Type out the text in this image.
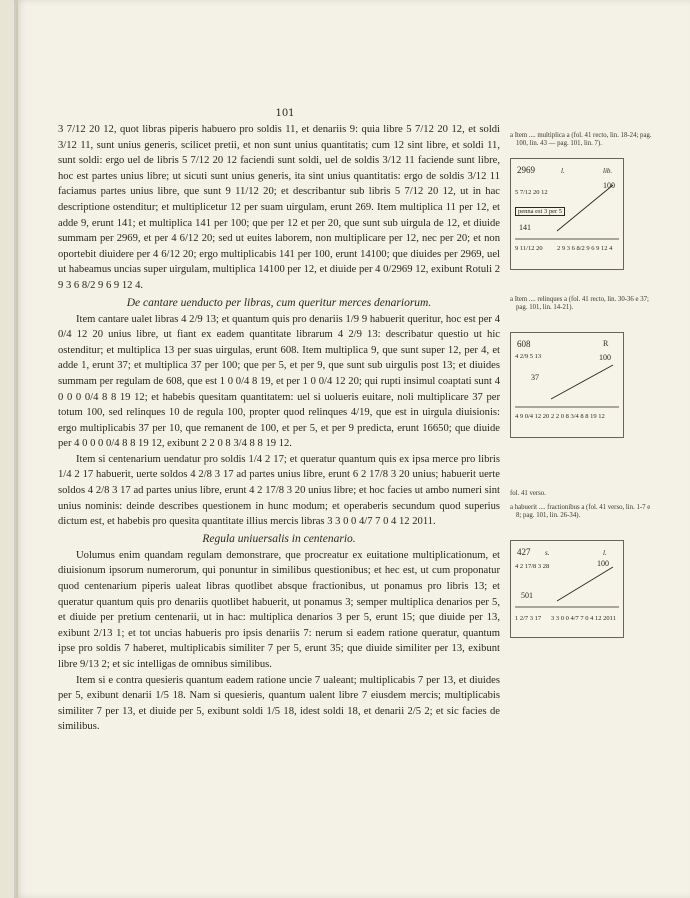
101

3 7/12 20 12, quot libras piperis habuero pro soldis 11, et denariis 9: quia libre 5 7/12 20 12, et soldi 3/12 11, sunt unius generis, scilicet pretii, et non sunt unius quantitatis; cum 12 sint libre, et soldi 11, sunt soldi: ergo uel de libris 5 7/12 20 12 faciendi sunt soldi, uel de soldis 3/12 11 faciende sunt libre, hoc est partes unius libre; ut sicuti sunt unius generis, ita sint unius quantitatis: ergo de soldis 3/12 11 faciamus partes unius libre, que sunt 9 11/12 20; et describantur sub libris 5 7/12 20 12, ut in hac descriptione ostenditur; et multiplicetur 12 per suam uirgulam, erunt 269. Item multiplica 11 per 12, et adde 9, erunt 141; et multiplica 141 per 100; que per 12 et per 20, que sunt sub uirgula de 12, et diuide summam per 2969, et per 4 6/12 20; sed ut euites laborem, non multiplicare per 12, nec per 20; et non oportebit diuidere per 4 6/12 20; ergo multiplicabis 141 per 100, erunt 14100; que diuides per 2969, uel ut habeamus uncias super uirgulam, multiplica 14100 per 12, et diuide per 4 0/2969 12, exibunt Rotuli 2 9 3 6 8/2 9 6 9 12 4.

De cantare uenducto per libras, cum queritur merces denariorum.

Item cantare ualet libras 4 2/9 13; et quantum quis pro denariis 1/9 9 habuerit queritur, hoc est per 4 0/4 12 20 unius libre, ut fiant ex eadem quantitate librarum 4 2/9 13: describatur questio ut hic ostenditur; et multiplica 13 per suas uirgulas, erunt 608. Item multiplica 9, que sunt super 12, per 4, et adde 1, erunt 37; et multiplica 37 per 100; que per 5, et per 9, que sunt sub uirgulis post 13; et diuides summam per regulam de 608, que est 1 0 0/4 8 19, et per 1 0 0/4 12 20; qui rupti insimul coaptati sunt 4 0 0 0 0/4 8 8 19 12; et habebis quesitam quantitatem: uel si uolueris euitare, noli multiplicare 37 per totum 100, sed relinques 10 de regula 100, propter quod relinques 4/19, que est in uirgula diuisionis: ergo multiplicabis 37 per 10, que remanent de 100, et per 5, et per 9 predicta, erunt 16650; que diuide per 4 0 0 0 0/4 8 8 19 12, exibunt 2 2 0 8 3/4 8 8 19 12.

Item si centenarium uendatur pro soldis 1/4 2 17; et queratur quantum quis ex ipsa merce pro libris 1/4 2 17 habuerit, uerte soldos 4 2/8 3 17 ad partes unius libre, erunt 6 2 17/8 3 20 unius; habuerit uerte soldos 4 2/8 3 17 ad partes unius libre, erunt 4 2 17/8 3 20 unius libre; et hoc facies ut ambo numeri sint unius nominis: deinde describes questionem in hunc modum; et operaberis secundum quod superius dictum est, et habebis pro quesita quantitate illius mercis libras 3 3 0 0 4/7 7 0 4 12 2011.

Regula uniuersalis in centenario.

Uolumus enim quandam regulam demonstrare, que procreatur ex euitatione multiplicationum, et diuisionum ipsorum numerorum, qui ponuntur in similibus questionibus; et hec est, ut cum proponatur quod centenarium piperis ualeat libras quotlibet absque fractionibus, ut ponamus pro libris 13; et queratur quantum quis pro denariis quotlibet habuerit, ut ponamus 3; semper multiplica denarios per 5, et diuide per pretium centenarii, ut in hac: multiplica denarios 3 per 5, erunt 15; que diuide per 13, exibunt 2/13 1; et tot uncias habueris pro ipsis denariis 7: nerum si eadem ratione queratur, quantum ipse pro soldis 7 haberet, multiplicabis similiter 7 per 5, erunt 35; que diuide similiter per 13, exibunt libre 9/13 2; et sic intelligas de omnibus similibus.

Item si e contra quesieris quantum eadem ratione uncie 7 ualeant; multiplicabis 7 per 13, et diuides per 5, exibunt denarii 1/5 18. Nam si quesieris, quantum ualent libre 7 eiusdem mercis; multiplicabis similiter 7 per 13, et diuide per 5, exibunt soldi 1/5 18, idest soldi 18, et denarii 2/5 2; et sic facies de similibus.

a Item .... multiplica a (fol. 41 recto, lin. 18-24; pag. 100, lin. 43 — pag. 101, lin. 7).
a Item .... relinques a (fol. 41 recto, lin. 30-36 e 37; pag. 101, lin. 14-21).
fol. 41 verso.
a habuerit .... fractionibus a (fol. 41 verso, lin. 1-7 e 8; pag. 101, lin. 26-34).
2969	l.	lib.
100
5 7/12 20 12
penna est 3 per 5
141
9 11/12 20 2 9 3 6 8/2 9 6 9 12 4
608	R
4 2/9 5 13	100
37
4 9 0/4 12 20 2 2 0 8 3/4 8 8 19 12
427 s.	l.
4 2 17/8 3 28	100
501
1 2/7 3 17 3 3 0 0 4/7 7 0 4 12 2011
